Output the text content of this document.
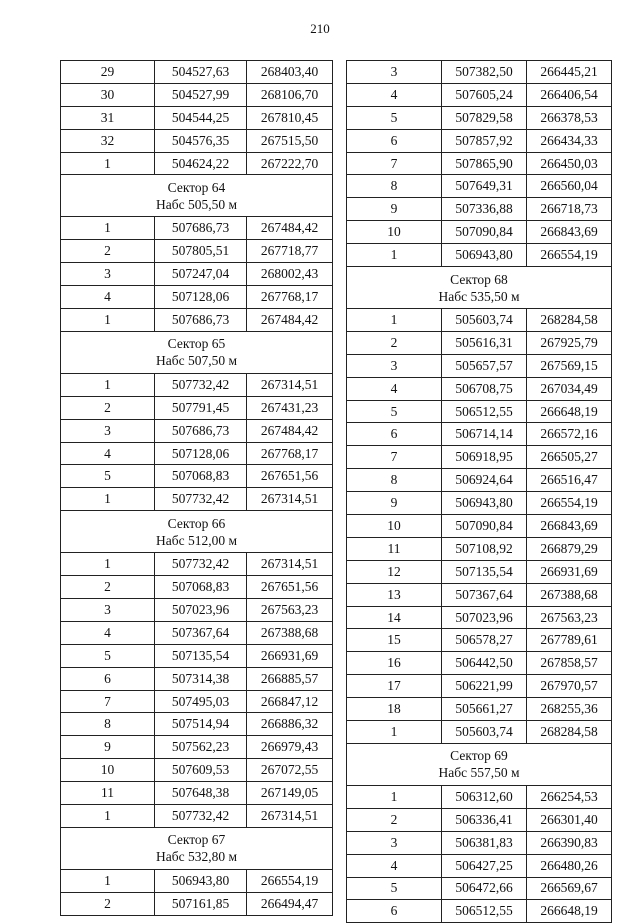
210
29	504527,63	268403,40
30	504527,99	268106,70
31	504544,25	267810,45
32	504576,35	267515,50
1	504624,22	267222,70

Сектор 64
Набс 505,50 м		

1	507686,73	267484,42
2	507805,51	267718,77
3	507247,04	268002,43
4	507128,06	267768,17
1	507686,73	267484,42

Сектор 65
Набс 507,50 м		

1	507732,42	267314,51
2	507791,45	267431,23
3	507686,73	267484,42
4	507128,06	267768,17
5	507068,83	267651,56
1	507732,42	267314,51

Сектор 66
Набс 512,00 м		

1	507732,42	267314,51
2	507068,83	267651,56
3	507023,96	267563,23
4	507367,64	267388,68
5	507135,54	266931,69
6	507314,38	266885,57
7	507495,03	266847,12
8	507514,94	266886,32
9	507562,23	266979,43
10	507609,53	267072,55
11	507648,38	267149,05
1	507732,42	267314,51

Сектор 67
Набс 532,80 м		

1	506943,80	266554,19
2	507161,85	266494,47
3	507382,50	266445,21
4	507605,24	266406,54
5	507829,58	266378,53
6	507857,92	266434,33
7	507865,90	266450,03
8	507649,31	266560,04
9	507336,88	266718,73
10	507090,84	266843,69
1	506943,80	266554,19

Сектор 68
Набс 535,50 м		

1	505603,74	268284,58
2	505616,31	267925,79
3	505657,57	267569,15
4	506708,75	267034,49
5	506512,55	266648,19
6	506714,14	266572,16
7	506918,95	266505,27
8	506924,64	266516,47
9	506943,80	266554,19
10	507090,84	266843,69
11	507108,92	266879,29
12	507135,54	266931,69
13	507367,64	267388,68
14	507023,96	267563,23
15	506578,27	267789,61
16	506442,50	267858,57
17	506221,99	267970,57
18	505661,27	268255,36
1	505603,74	268284,58

Сектор 69
Набс 557,50 м		

1	506312,60	266254,53
2	506336,41	266301,40
3	506381,83	266390,83
4	506427,25	266480,26
5	506472,66	266569,67
6	506512,55	266648,19
